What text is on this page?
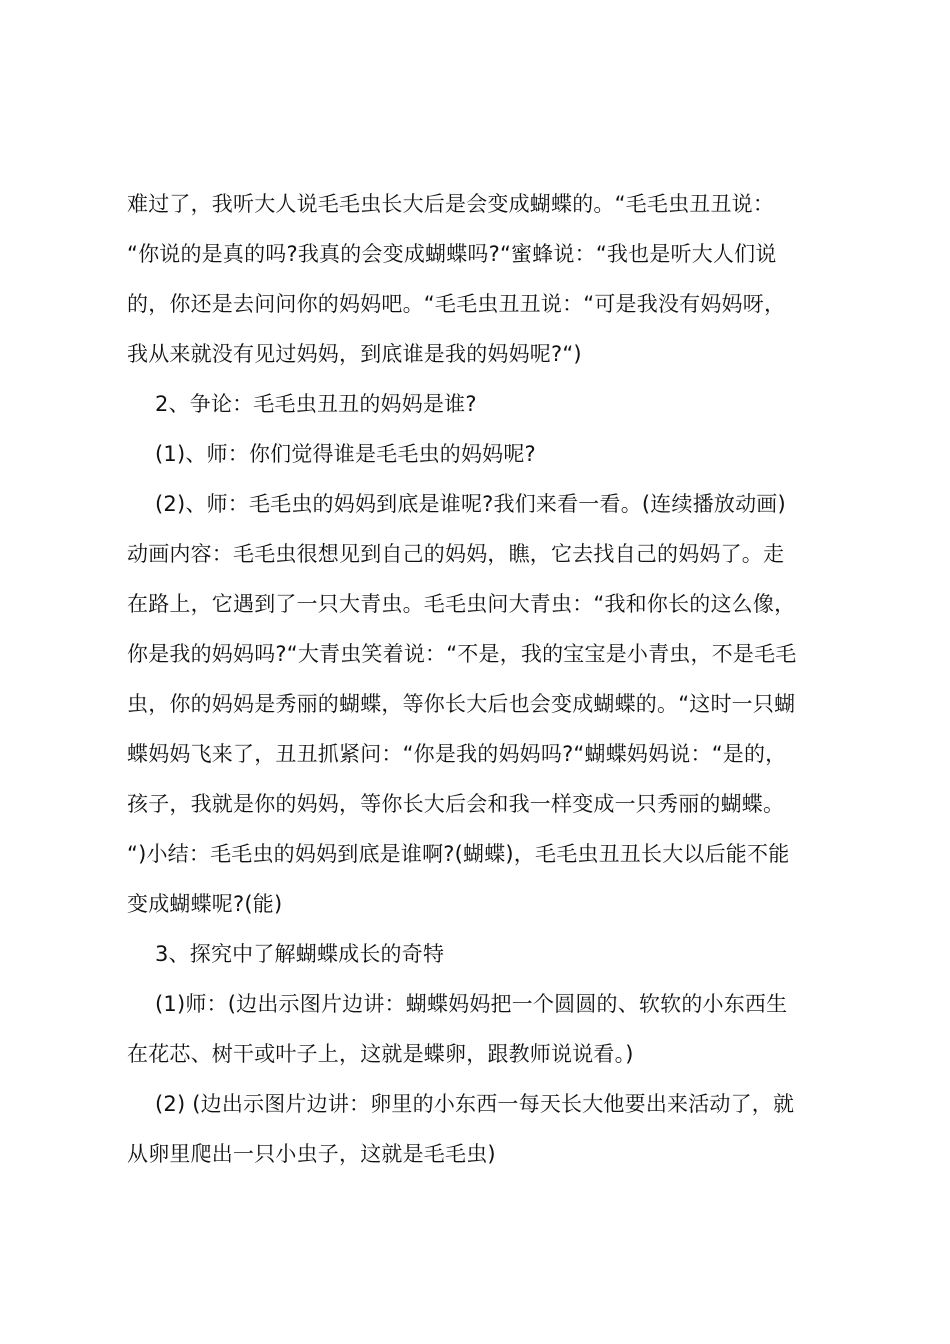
难过了，我听大人说毛毛虫长大后是会变成蝴蝶的。“毛毛虫丑丑说：
“你说的是真的吗?我真的会变成蝴蝶吗?“蜜蜂说：“我也是听大人们说
的，你还是去问问你的妈妈吧。“毛毛虫丑丑说：“可是我没有妈妈呀，
我从来就没有见过妈妈，到底谁是我的妈妈呢?“)
2、争论：毛毛虫丑丑的妈妈是谁?
(1)、师：你们觉得谁是毛毛虫的妈妈呢?
(2)、师：毛毛虫的妈妈到底是谁呢?我们来看一看。(连续播放动画)
动画内容：毛毛虫很想见到自己的妈妈，瞧，它去找自己的妈妈了。走
在路上，它遇到了一只大青虫。毛毛虫问大青虫：“我和你长的这么像，
你是我的妈妈吗?“大青虫笑着说：“不是，我的宝宝是小青虫，不是毛毛
虫，你的妈妈是秀丽的蝴蝶，等你长大后也会变成蝴蝶的。“这时一只蝴
蝶妈妈飞来了，丑丑抓紧问：“你是我的妈妈吗?“蝴蝶妈妈说：“是的，
孩子，我就是你的妈妈，等你长大后会和我一样变成一只秀丽的蝴蝶。
“)小结：毛毛虫的妈妈到底是谁啊?(蝴蝶)，毛毛虫丑丑长大以后能不能
变成蝴蝶呢?(能)
3、探究中了解蝴蝶成长的奇特
(1)师：(边出示图片边讲：蝴蝶妈妈把一个圆圆的、软软的小东西生
在花芯、树干或叶子上，这就是蝶卵，跟教师说说看。)
(2) (边出示图片边讲：卵里的小东西一每天长大他要出来活动了，就
从卵里爬出一只小虫子，这就是毛毛虫)
